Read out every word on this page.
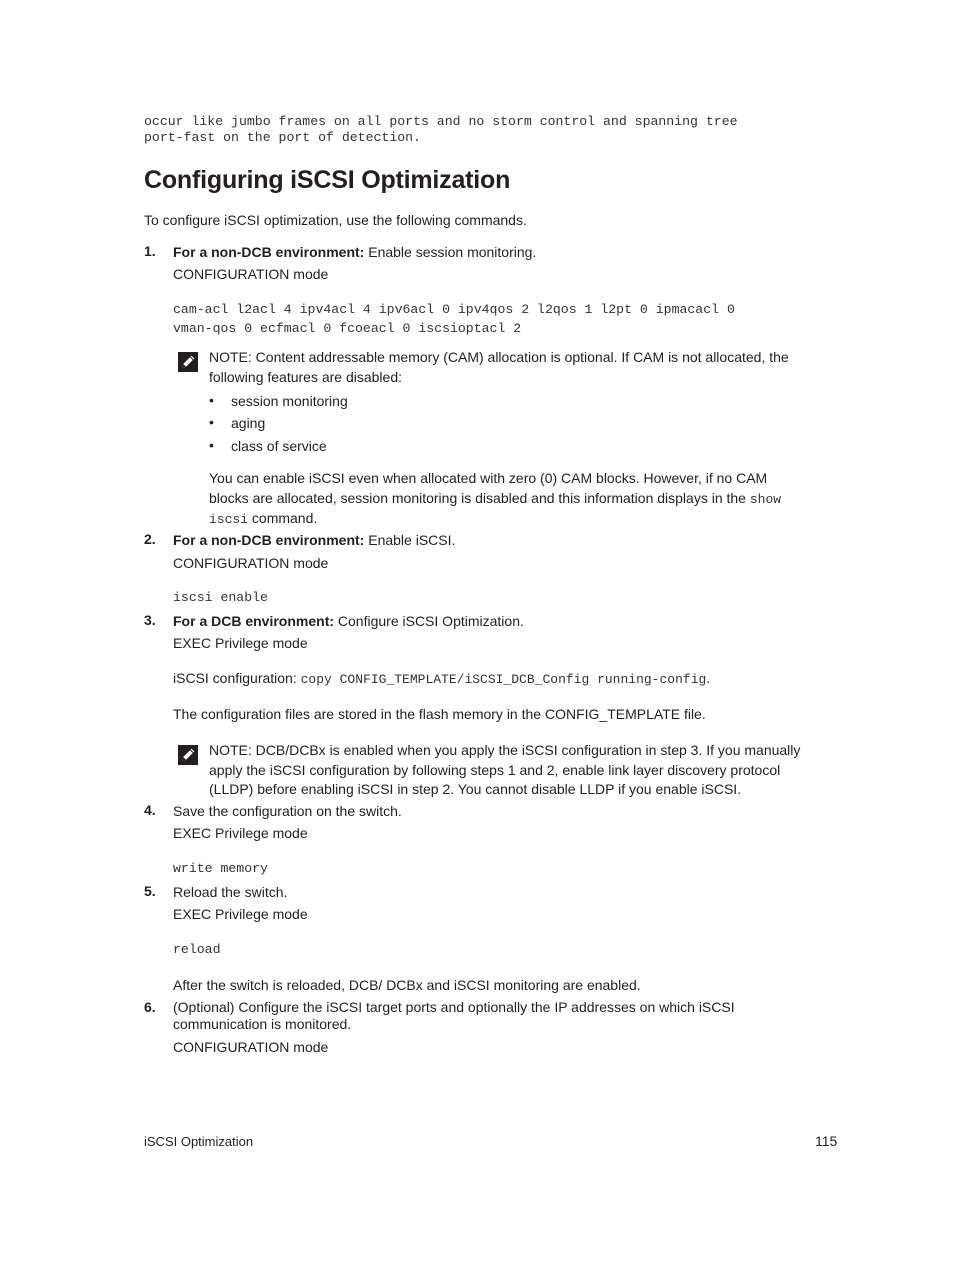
occur like jumbo frames on all ports and no storm control and spanning tree
port-fast on the port of detection.
Configuring iSCSI Optimization
To configure iSCSI optimization, use the following commands.
1. For a non-DCB environment: Enable session monitoring.
CONFIGURATION mode
cam-acl l2acl 4 ipv4acl 4 ipv6acl 0 ipv4qos 2 l2qos 1 l2pt 0 ipmacacl 0
vman-qos 0 ecfmacl 0 fcoeacl 0 iscsioptacl 2
NOTE: Content addressable memory (CAM) allocation is optional. If CAM is not allocated, the
following features are disabled:
• session monitoring
• aging
• class of service
You can enable iSCSI even when allocated with zero (0) CAM blocks. However, if no CAM
blocks are allocated, session monitoring is disabled and this information displays in the show
iscsi command.
2. For a non-DCB environment: Enable iSCSI.
CONFIGURATION mode
iscsi enable
3. For a DCB environment: Configure iSCSI Optimization.
EXEC Privilege mode
iSCSI configuration: copy CONFIG_TEMPLATE/iSCSI_DCB_Config running-config.
The configuration files are stored in the flash memory in the CONFIG_TEMPLATE file.
NOTE: DCB/DCBx is enabled when you apply the iSCSI configuration in step 3. If you manually
apply the iSCSI configuration by following steps 1 and 2, enable link layer discovery protocol
(LLDP) before enabling iSCSI in step 2. You cannot disable LLDP if you enable iSCSI.
4. Save the configuration on the switch.
EXEC Privilege mode
write memory
5. Reload the switch.
EXEC Privilege mode
reload
After the switch is reloaded, DCB/ DCBx and iSCSI monitoring are enabled.
6. (Optional) Configure the iSCSI target ports and optionally the IP addresses on which iSCSI
communication is monitored.
CONFIGURATION mode
iSCSI Optimization	115
